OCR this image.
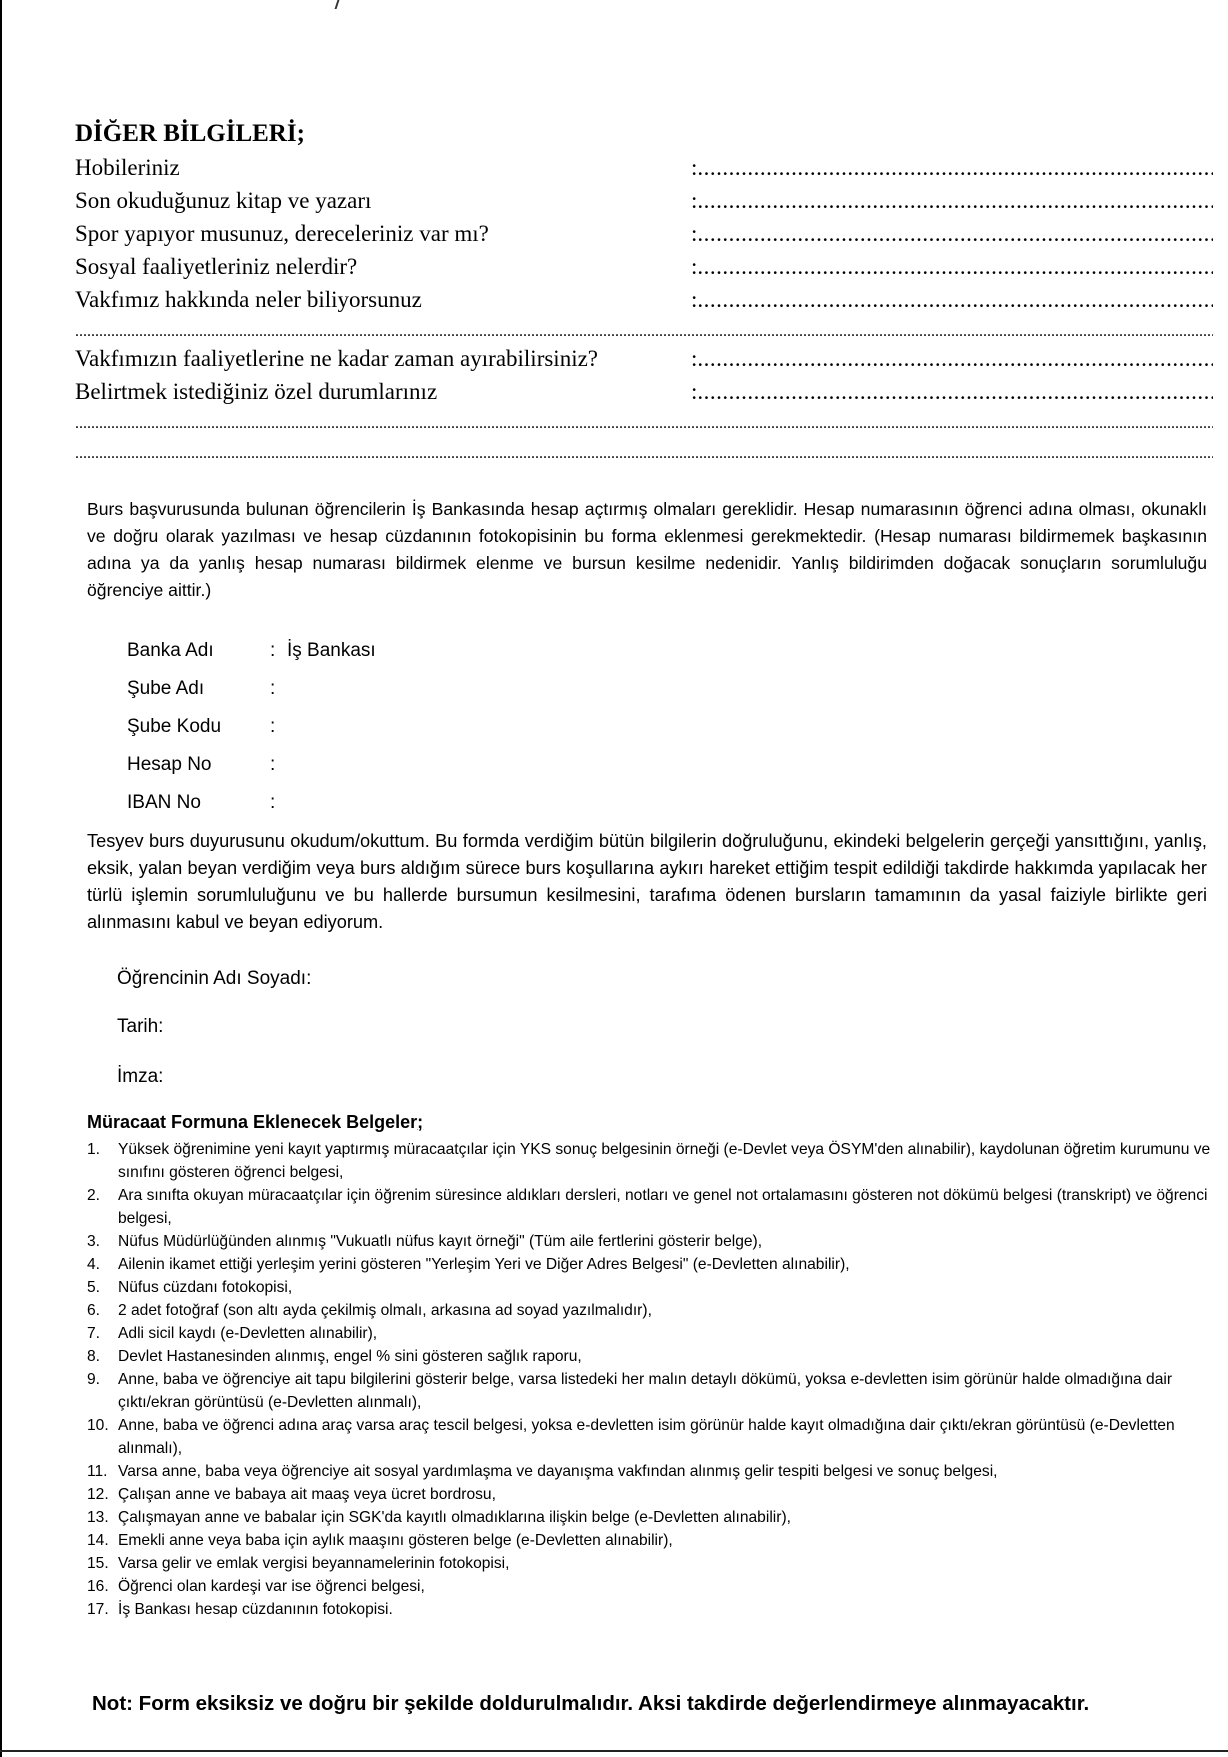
DİĞER BİLGİLERİ;
Hobileriniz	: .....
Son okuduğunuz kitap ve yazarı	: .....
Spor yapıyor musunuz, dereceleriniz var mı?	: .....
Sosyal faaliyetleriniz nelerdir?	: .....
Vakfımız hakkında neler biliyorsunuz	: .....
.....
Vakfımızın faaliyetlerine ne kadar zaman ayırabilirsiniz?	: .....
Belirtmek istediğiniz özel durumlarınız	: .....
.....
.....
Burs başvurusunda bulunan öğrencilerin İş Bankasında hesap açtırmış olmaları gereklidir. Hesap numarasının öğrenci adına olması, okunaklı ve doğru olarak yazılması ve hesap cüzdanının fotokopisinin bu forma eklenmesi gerekmektedir. (Hesap numarası bildirmemek başkasının adına ya da yanlış hesap numarası bildirmek elenme ve bursun kesilme nedenidir. Yanlış bildirimden doğacak sonuçların sorumluluğu öğrenciye aittir.)
Banka Adı	: İş Bankası
Şube Adı	:
Şube Kodu	:
Hesap No	:
IBAN No	:
Tesyev burs duyurusunu okudum/okuttum. Bu formda verdiğim bütün bilgilerin doğruluğunu, ekindeki belgelerin gerçeği yansıttığını, yanlış, eksik, yalan beyan verdiğim veya burs aldığım sürece burs koşullarına aykırı hareket ettiğim tespit edildiği takdirde hakkımda yapılacak her türlü işlemin sorumluluğunu ve bu hallerde bursumun kesilmesini, tarafıma ödenen bursların tamamının da yasal faiziyle birlikte geri alınmasını kabul ve beyan ediyorum.
Öğrencinin Adı Soyadı:
Tarih:
İmza:
Müracaat Formuna Eklenecek Belgeler;
1. Yüksek öğrenimine yeni kayıt yaptırmış müracaatçılar için YKS sonuç belgesinin örneği (e-Devlet veya ÖSYM'den alınabilir), kaydolunan öğretim kurumunu ve sınıfını gösteren öğrenci belgesi,
2. Ara sınıfta okuyan müracaatçılar için öğrenim süresince aldıkları dersleri, notları ve genel not ortalamasını gösteren not dökümü belgesi (transkript) ve öğrenci belgesi,
3. Nüfus Müdürlüğünden alınmış "Vukuatlı nüfus kayıt örneği" (Tüm aile fertlerini gösterir belge),
4. Ailenin ikamet ettiği yerleşim yerini gösteren "Yerleşim Yeri ve Diğer Adres Belgesi" (e-Devletten alınabilir),
5. Nüfus cüzdanı fotokopisi,
6. 2 adet fotoğraf (son altı ayda çekilmiş olmalı, arkasına ad soyad yazılmalıdır),
7. Adli sicil kaydı (e-Devletten alınabilir),
8. Devlet Hastanesinden alınmış, engel % sini gösteren sağlık raporu,
9. Anne, baba ve öğrenciye ait tapu bilgilerini gösterir belge, varsa listedeki her malın detaylı dökümü, yoksa e-devletten isim görünür halde olmadığına dair çıktı/ekran görüntüsü (e-Devletten alınmalı),
10. Anne, baba ve öğrenci adına araç varsa araç tescil belgesi, yoksa e-devletten isim görünür halde kayıt olmadığına dair çıktı/ekran görüntüsü (e-Devletten alınmalı),
11. Varsa anne, baba veya öğrenciye ait sosyal yardımlaşma ve dayanışma vakfından alınmış gelir tespiti belgesi ve sonuç belgesi,
12. Çalışan anne ve babaya ait maaş veya ücret bordrosu,
13. Çalışmayan anne ve babalar için SGK'da kayıtlı olmadıklarına ilişkin belge (e-Devletten alınabilir),
14. Emekli anne veya baba için aylık maaşını gösteren belge (e-Devletten alınabilir),
15. Varsa gelir ve emlak vergisi beyannamelerinin fotokopisi,
16. Öğrenci olan kardeşi var ise öğrenci belgesi,
17. İş Bankası hesap cüzdanının fotokopisi.
Not: Form eksiksiz ve doğru bir şekilde doldurulmalıdır. Aksi takdirde değerlendirmeye alınmayacaktır.
